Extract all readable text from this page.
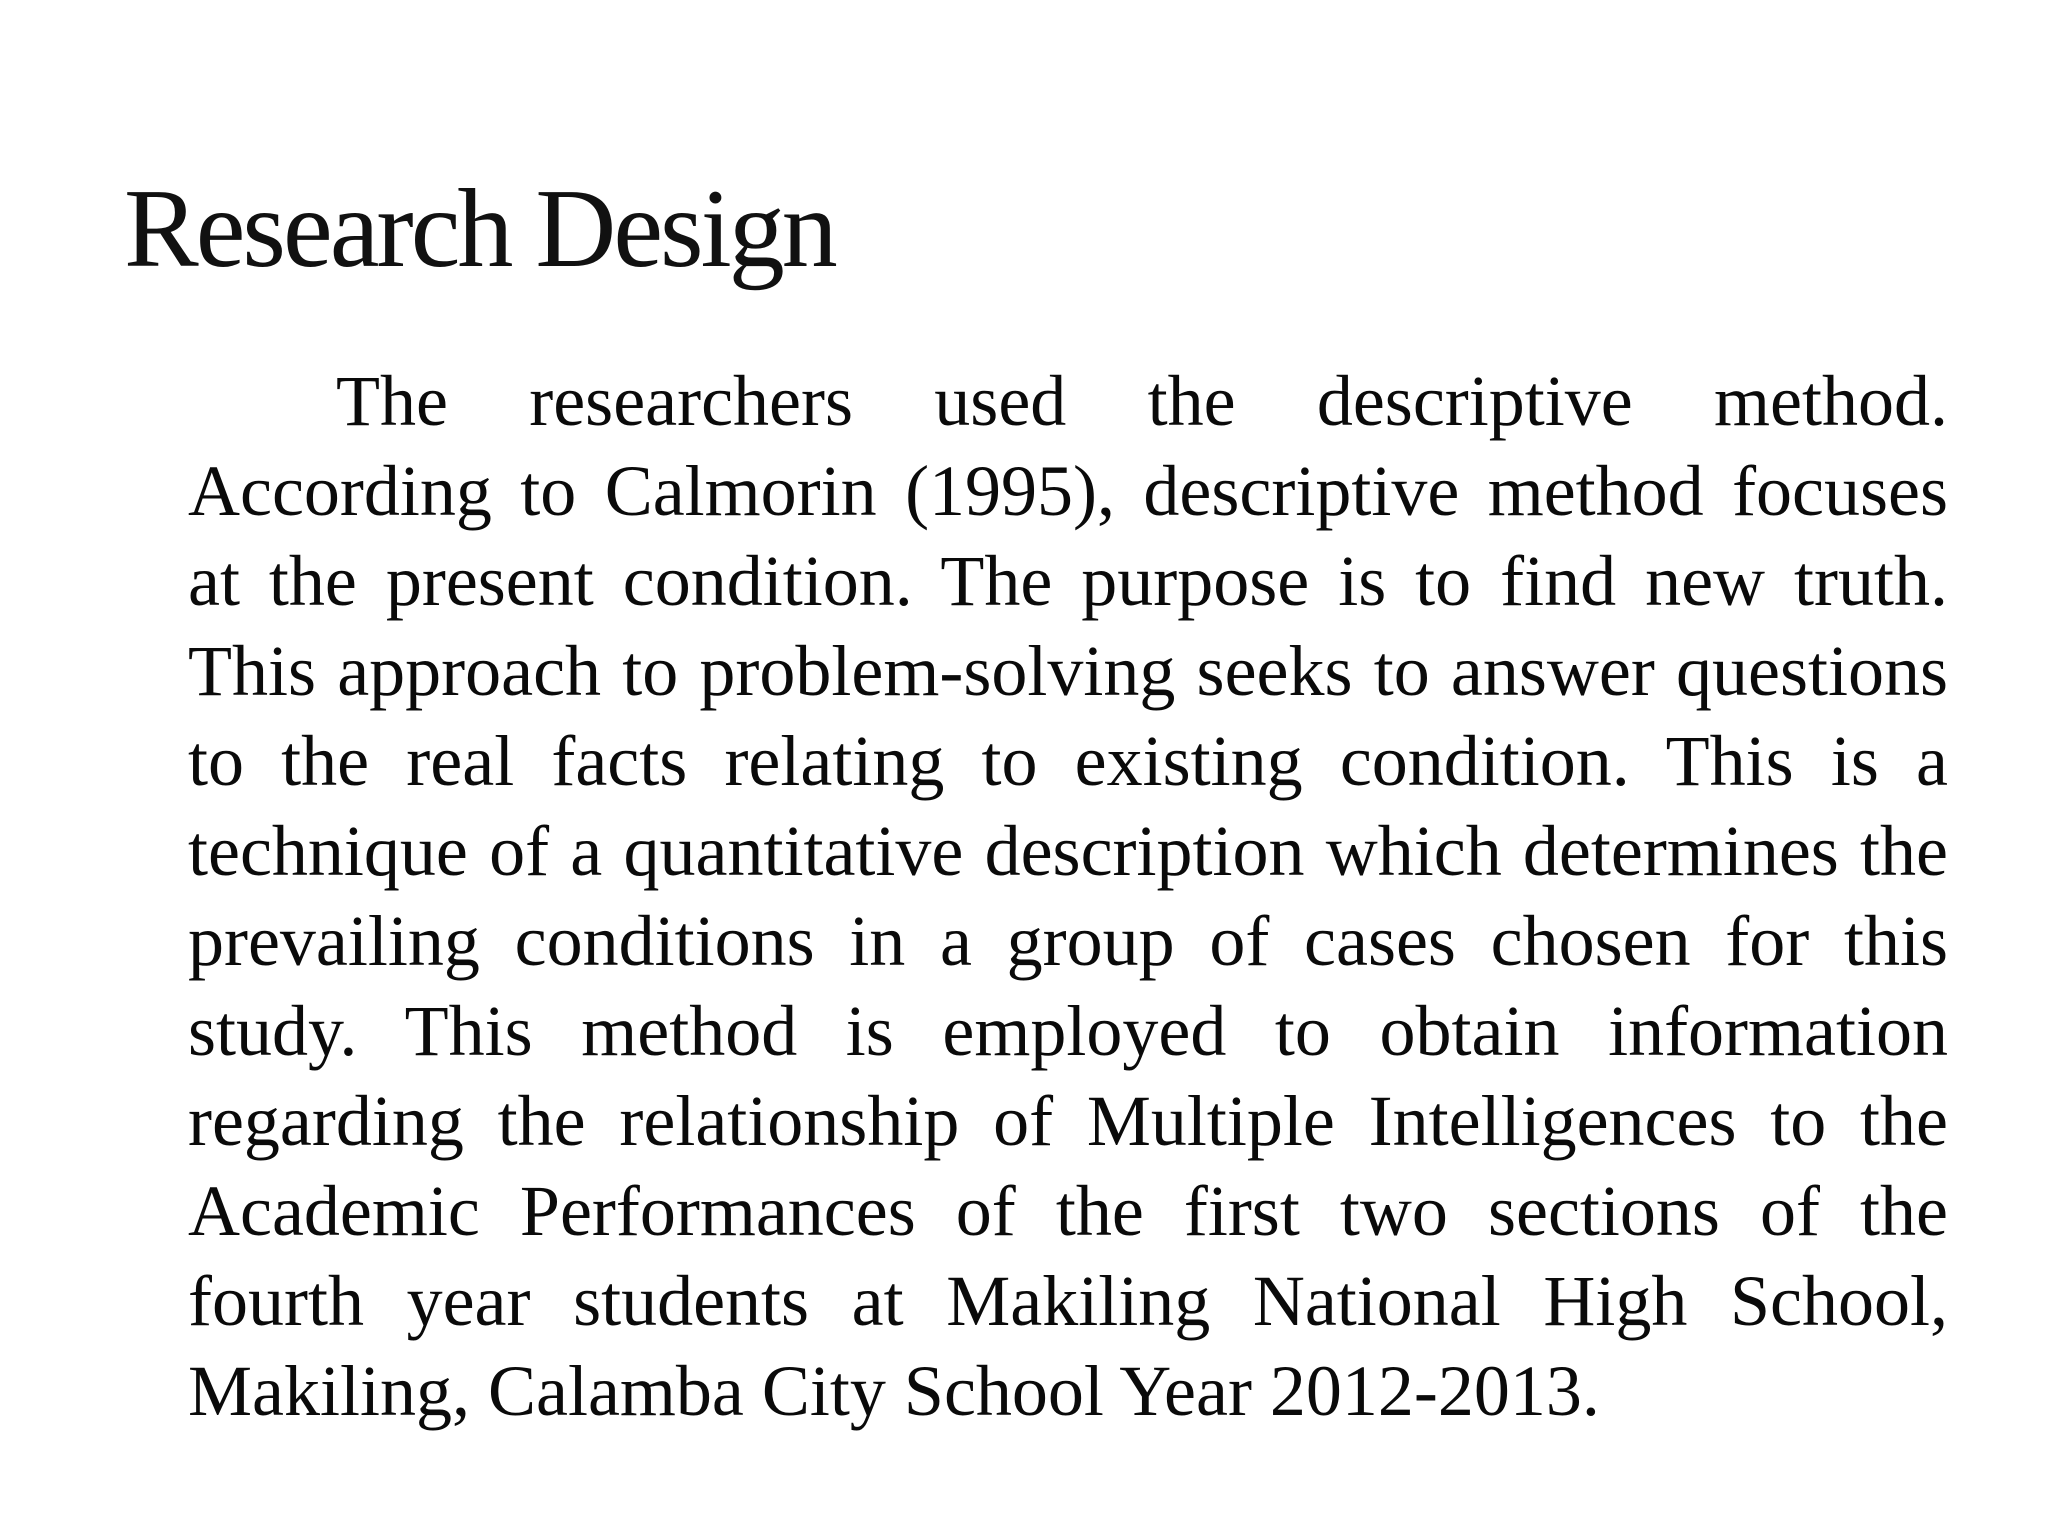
Research Design

The researchers used the descriptive method. According to Calmorin (1995), descriptive method focuses at the present condition. The purpose is to find new truth. This approach to problem-solving seeks to answer questions to the real facts relating to existing condition. This is a technique of a quantitative description which determines the prevailing conditions in a group of cases chosen for this study. This method is employed to obtain information regarding the relationship of Multiple Intelligences to the Academic Performances of the first two sections of the fourth year students at Makiling National High School, Makiling, Calamba City School Year 2012-2013.
